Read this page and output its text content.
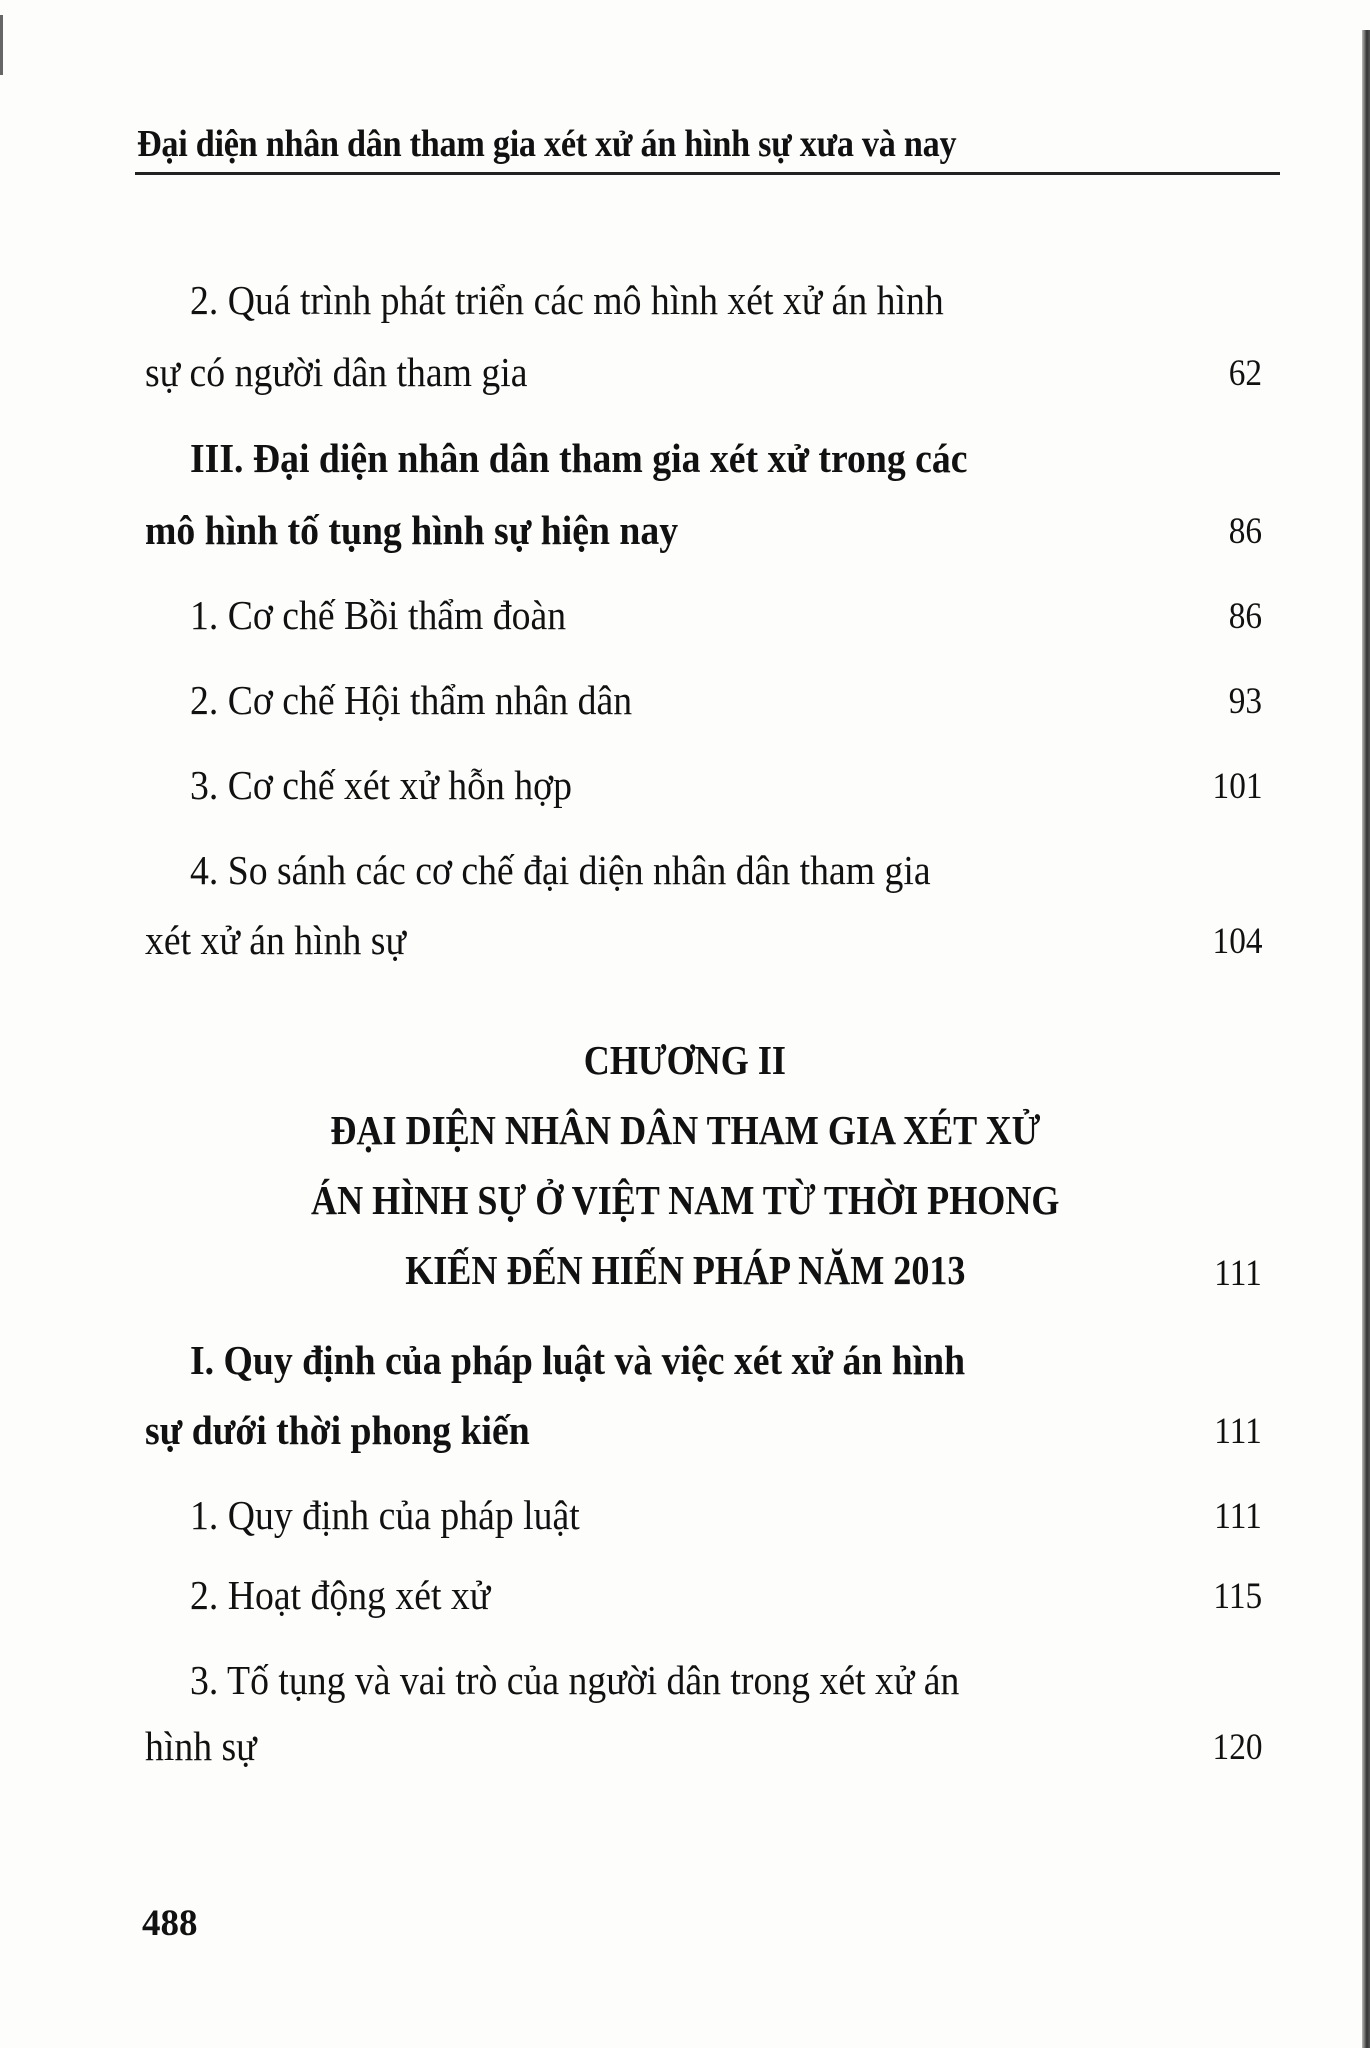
Đại diện nhân dân tham gia xét xử án hình sự xưa và nay
2. Quá trình phát triển các mô hình xét xử án hình
sự có người dân tham gia	62
III. Đại diện nhân dân tham gia xét xử trong các
mô hình tố tụng hình sự hiện nay	86
1. Cơ chế Bồi thẩm đoàn	86
2. Cơ chế Hội thẩm nhân dân	93
3. Cơ chế xét xử hỗn hợp	101
4. So sánh các cơ chế đại diện nhân dân tham gia
xét xử án hình sự	104
CHƯƠNG II
ĐẠI DIỆN NHÂN DÂN THAM GIA XÉT XỬ
ÁN HÌNH SỰ Ở VIỆT NAM TỪ THỜI PHONG
KIẾN ĐẾN HIẾN PHÁP NĂM 2013	111
I. Quy định của pháp luật và việc xét xử án hình
sự dưới thời phong kiến	111
1. Quy định của pháp luật	111
2. Hoạt động xét xử	115
3. Tố tụng và vai trò của người dân trong xét xử án
hình sự	120
488
